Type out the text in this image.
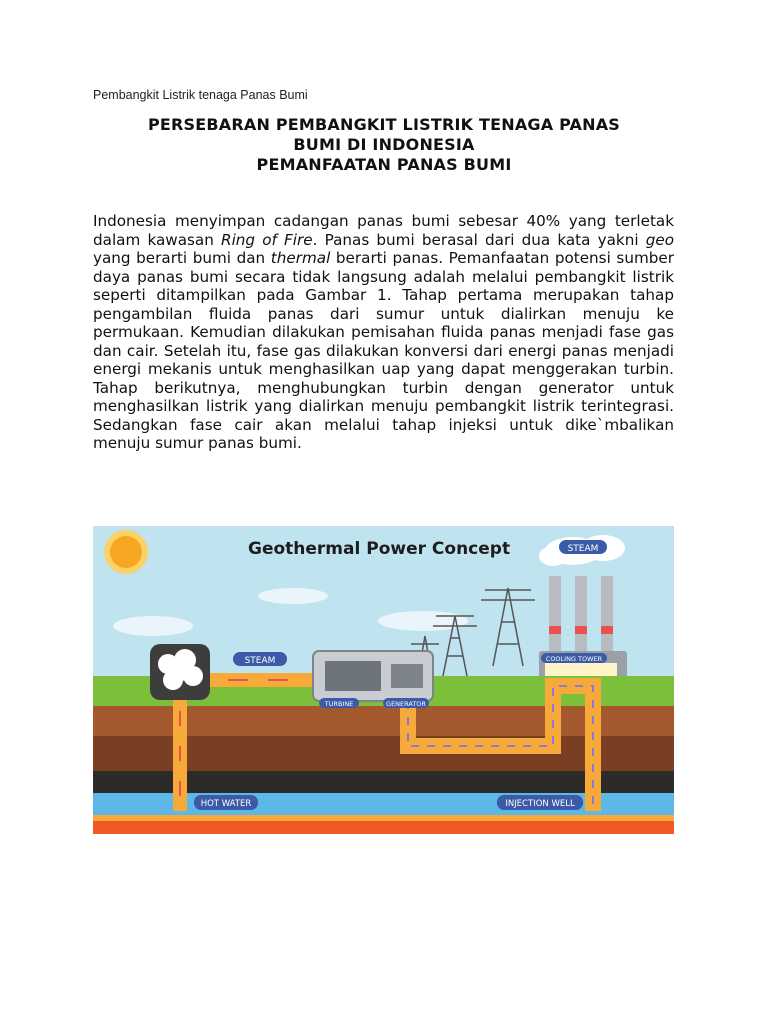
Pembangkit Listrik tenaga Panas Bumi
PERSEBARAN PEMBANGKIT LISTRIK TENAGA PANAS
BUMI DI INDONESIA
PEMANFAATAN PANAS BUMI
Indonesia menyimpan cadangan panas bumi sebesar 40% yang terletak dalam kawasan Ring of Fire. Panas bumi berasal dari dua kata yakni geo yang berarti bumi dan thermal berarti panas. Pemanfaatan potensi sumber daya panas bumi secara tidak langsung adalah melalui pembangkit listrik seperti ditampilkan pada Gambar 1. Tahap pertama merupakan tahap pengambilan fluida panas dari sumur untuk dialirkan menuju ke permukaan. Kemudian dilakukan pemisahan fluida panas menjadi fase gas dan cair. Setelah itu, fase gas dilakukan konversi dari energi panas menjadi energi mekanis untuk menghasilkan uap yang dapat menggerakan turbin. Tahap berikutnya, menghubungkan turbin dengan generator untuk menghasilkan listrik yang dialirkan menuju pembangkit listrik terintegrasi. Sedangkan fase cair akan melalui tahap injeksi untuk dike`mbalikan menuju sumur panas bumi.
Geothermal Power Concept	STEAM
COOLING TOWER
STEAM
TURBINE	GENERATOR
HOT WATER	INJECTION WELL
